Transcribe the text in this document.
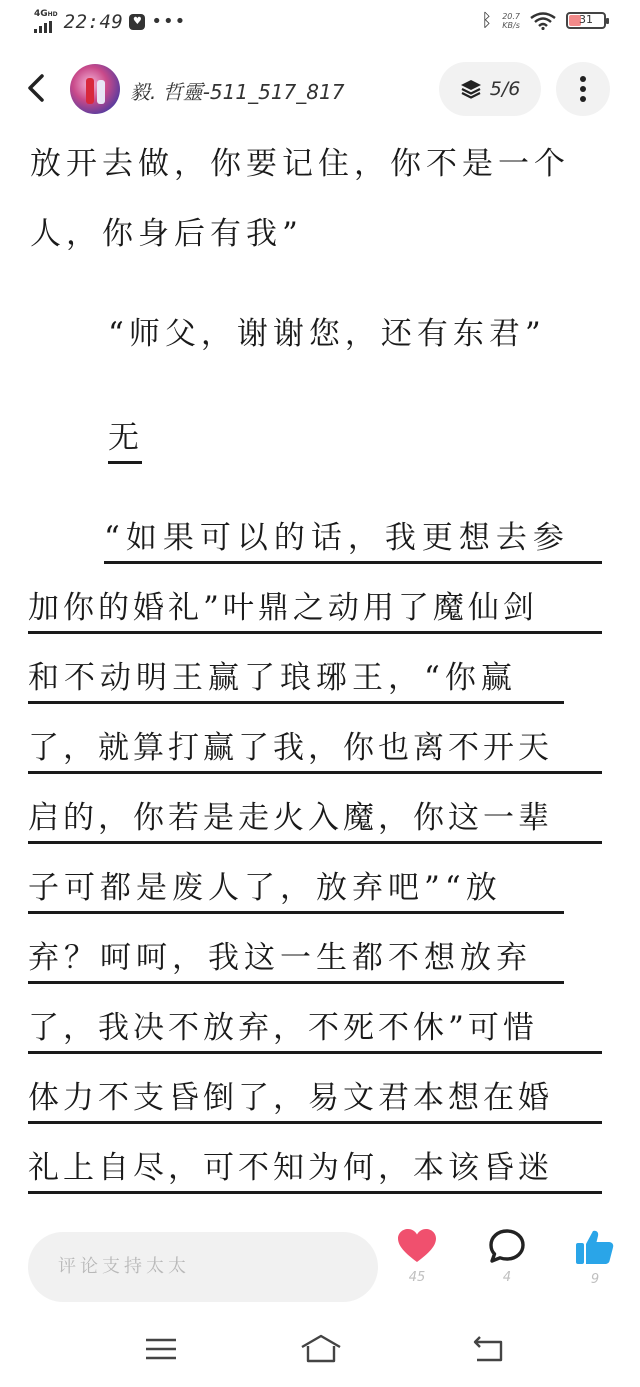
$4G^{HD}$ 22:49 ♥ •••	ᛒ 20.7
KB/s	31
毅. 哲靈-511_517_817	5/6
放开去做，你要记住，你不是一个
人，你身后有我”
“师父，谢谢您，还有东君”
无
“如果可以的话，我更想去参
加你的婚礼”叶鼎之动用了魔仙剑
和不动明王赢了琅琊王，“你赢
了，就算打赢了我，你也离不开天
启的，你若是走火入魔，你这一辈
子可都是废人了，放弃吧”“放
弃？呵呵，我这一生都不想放弃
了，我决不放弃，不死不休”可惜
体力不支昏倒了，易文君本想在婚
礼上自尽，可不知为何，本该昏迷
评论支持太太
45	4	9
